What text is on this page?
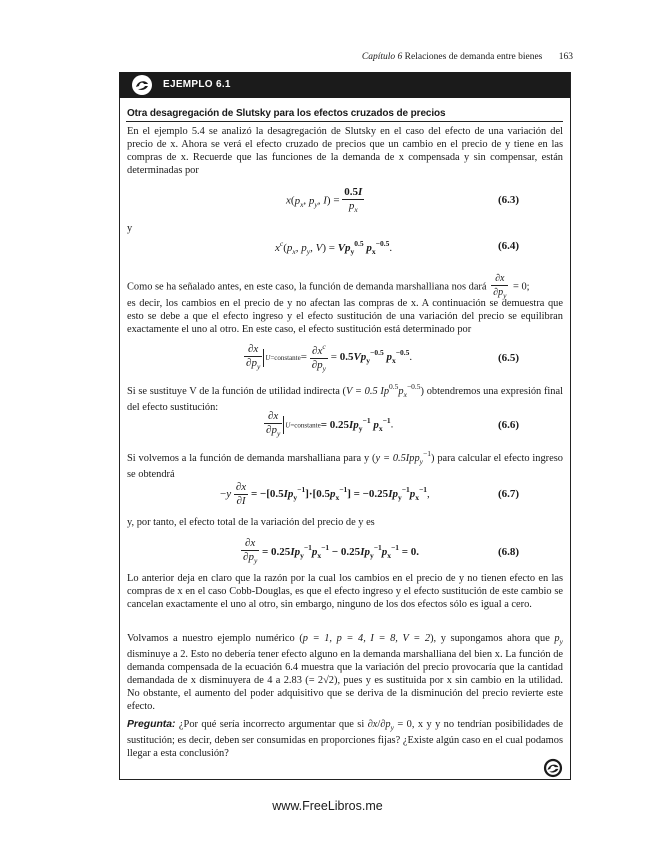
Capítulo 6 Relaciones de demanda entre bienes 163
EJEMPLO 6.1
Otra desagregación de Slutsky para los efectos cruzados de precios

En el ejemplo 5.4 se analizó la desagregación de Slutsky en el caso del efecto de una variación del precio de x. Ahora se verá el efecto cruzado de precios que un cambio en el precio de y tiene en las compras de x. Recuerde que las funciones de la demanda de x compensada y sin compensar, están determinadas por

$x(p_x$, $p_y$, $I) = \frac{0.5I}{p_x}$	(6.3)
y
$x^c(p_x$, $p_y$, $V) = Vp_y^{0.5}$ $p_x^{-0.5}$.	(6.4)
Como se ha señalado antes, en este caso, la función de demanda marshalliana nos dará $\frac{\partial x}{\partial p_y} = 0$;

es decir, los cambios en el precio de y no afectan las compras de x. A continuación se demuestra que esto se debe a que el efecto ingreso y el efecto sustitución de una variación del precio se equilibran exactamente el uno al otro. En este caso, el efecto sustitución está determinado por

$\frac{\partial x}{\partial p_y}$ U=constante= $\frac{\partial x^c}{\partial p_y} = 0.5Vp_y^{-0.5}$ $p_x^{-0.5}$.	(6.5)
Si se sustituye V de la función de utilidad indirecta (V = 0.5 $Ip^{0.5}p_x^{-0.5}$) obtendremos una expresión final del efecto sustitución:
$\frac{\partial x}{\partial p_y}$ U=constante= $0.25Ip_y^{-1}$ $p_x^{-1}$.	(6.6)
Si volvemos a la función de demanda marshalliana para y (y = 0.5Ipp$_y^{-1}$) para calcular el efecto ingreso se obtendrá
$-y \frac{\partial x}{\partial I} = -[0.5Ip_y^{-1}]\cdot[0.5p_x^{-1}] = -0.25Ip_y^{-1}p_x^{-1}$,	(6.7)

y, por tanto, el efecto total de la variación del precio de y es

$\frac{\partial x}{\partial p_y} = 0.25Ip_y^{-1}p_x^{-1} - 0.25Ip_y^{-1}p_x^{-1} = 0$.	(6.8)

Lo anterior deja en claro que la razón por la cual los cambios en el precio de y no tienen efecto en las compras de x en el caso Cobb-Douglas, es que el efecto ingreso y el efecto sustitución de este cambio se cancelan exactamente el uno al otro, sin embargo, ninguno de los dos efectos sólo es igual a cero.

Volvamos a nuestro ejemplo numérico (p = 1, p = 4, I = 8, V = 2), y supongamos ahora que $p_y$ disminuye a 2. Esto no debería tener efecto alguno en la demanda marshalliana del bien x. La función de demanda compensada de la ecuación 6.4 muestra que la variación del precio provocaría que la cantidad demandada de x disminuyera de 4 a 2.83 (= 2√2), pues y es sustituida por x sin cambio en la utilidad. No obstante, el aumento del poder adquisitivo que se deriva de la disminución del precio revierte este efecto.
Pregunta: ¿Por qué sería incorrecto argumentar que si $\partial x/\partial p_y = 0$, x y y no tendrían posibilidades de sustitución; es decir, deben ser consumidas en proporciones fijas? ¿Existe algún caso en el cual podamos llegar a esta conclusión?
www.FreeLibros.me
